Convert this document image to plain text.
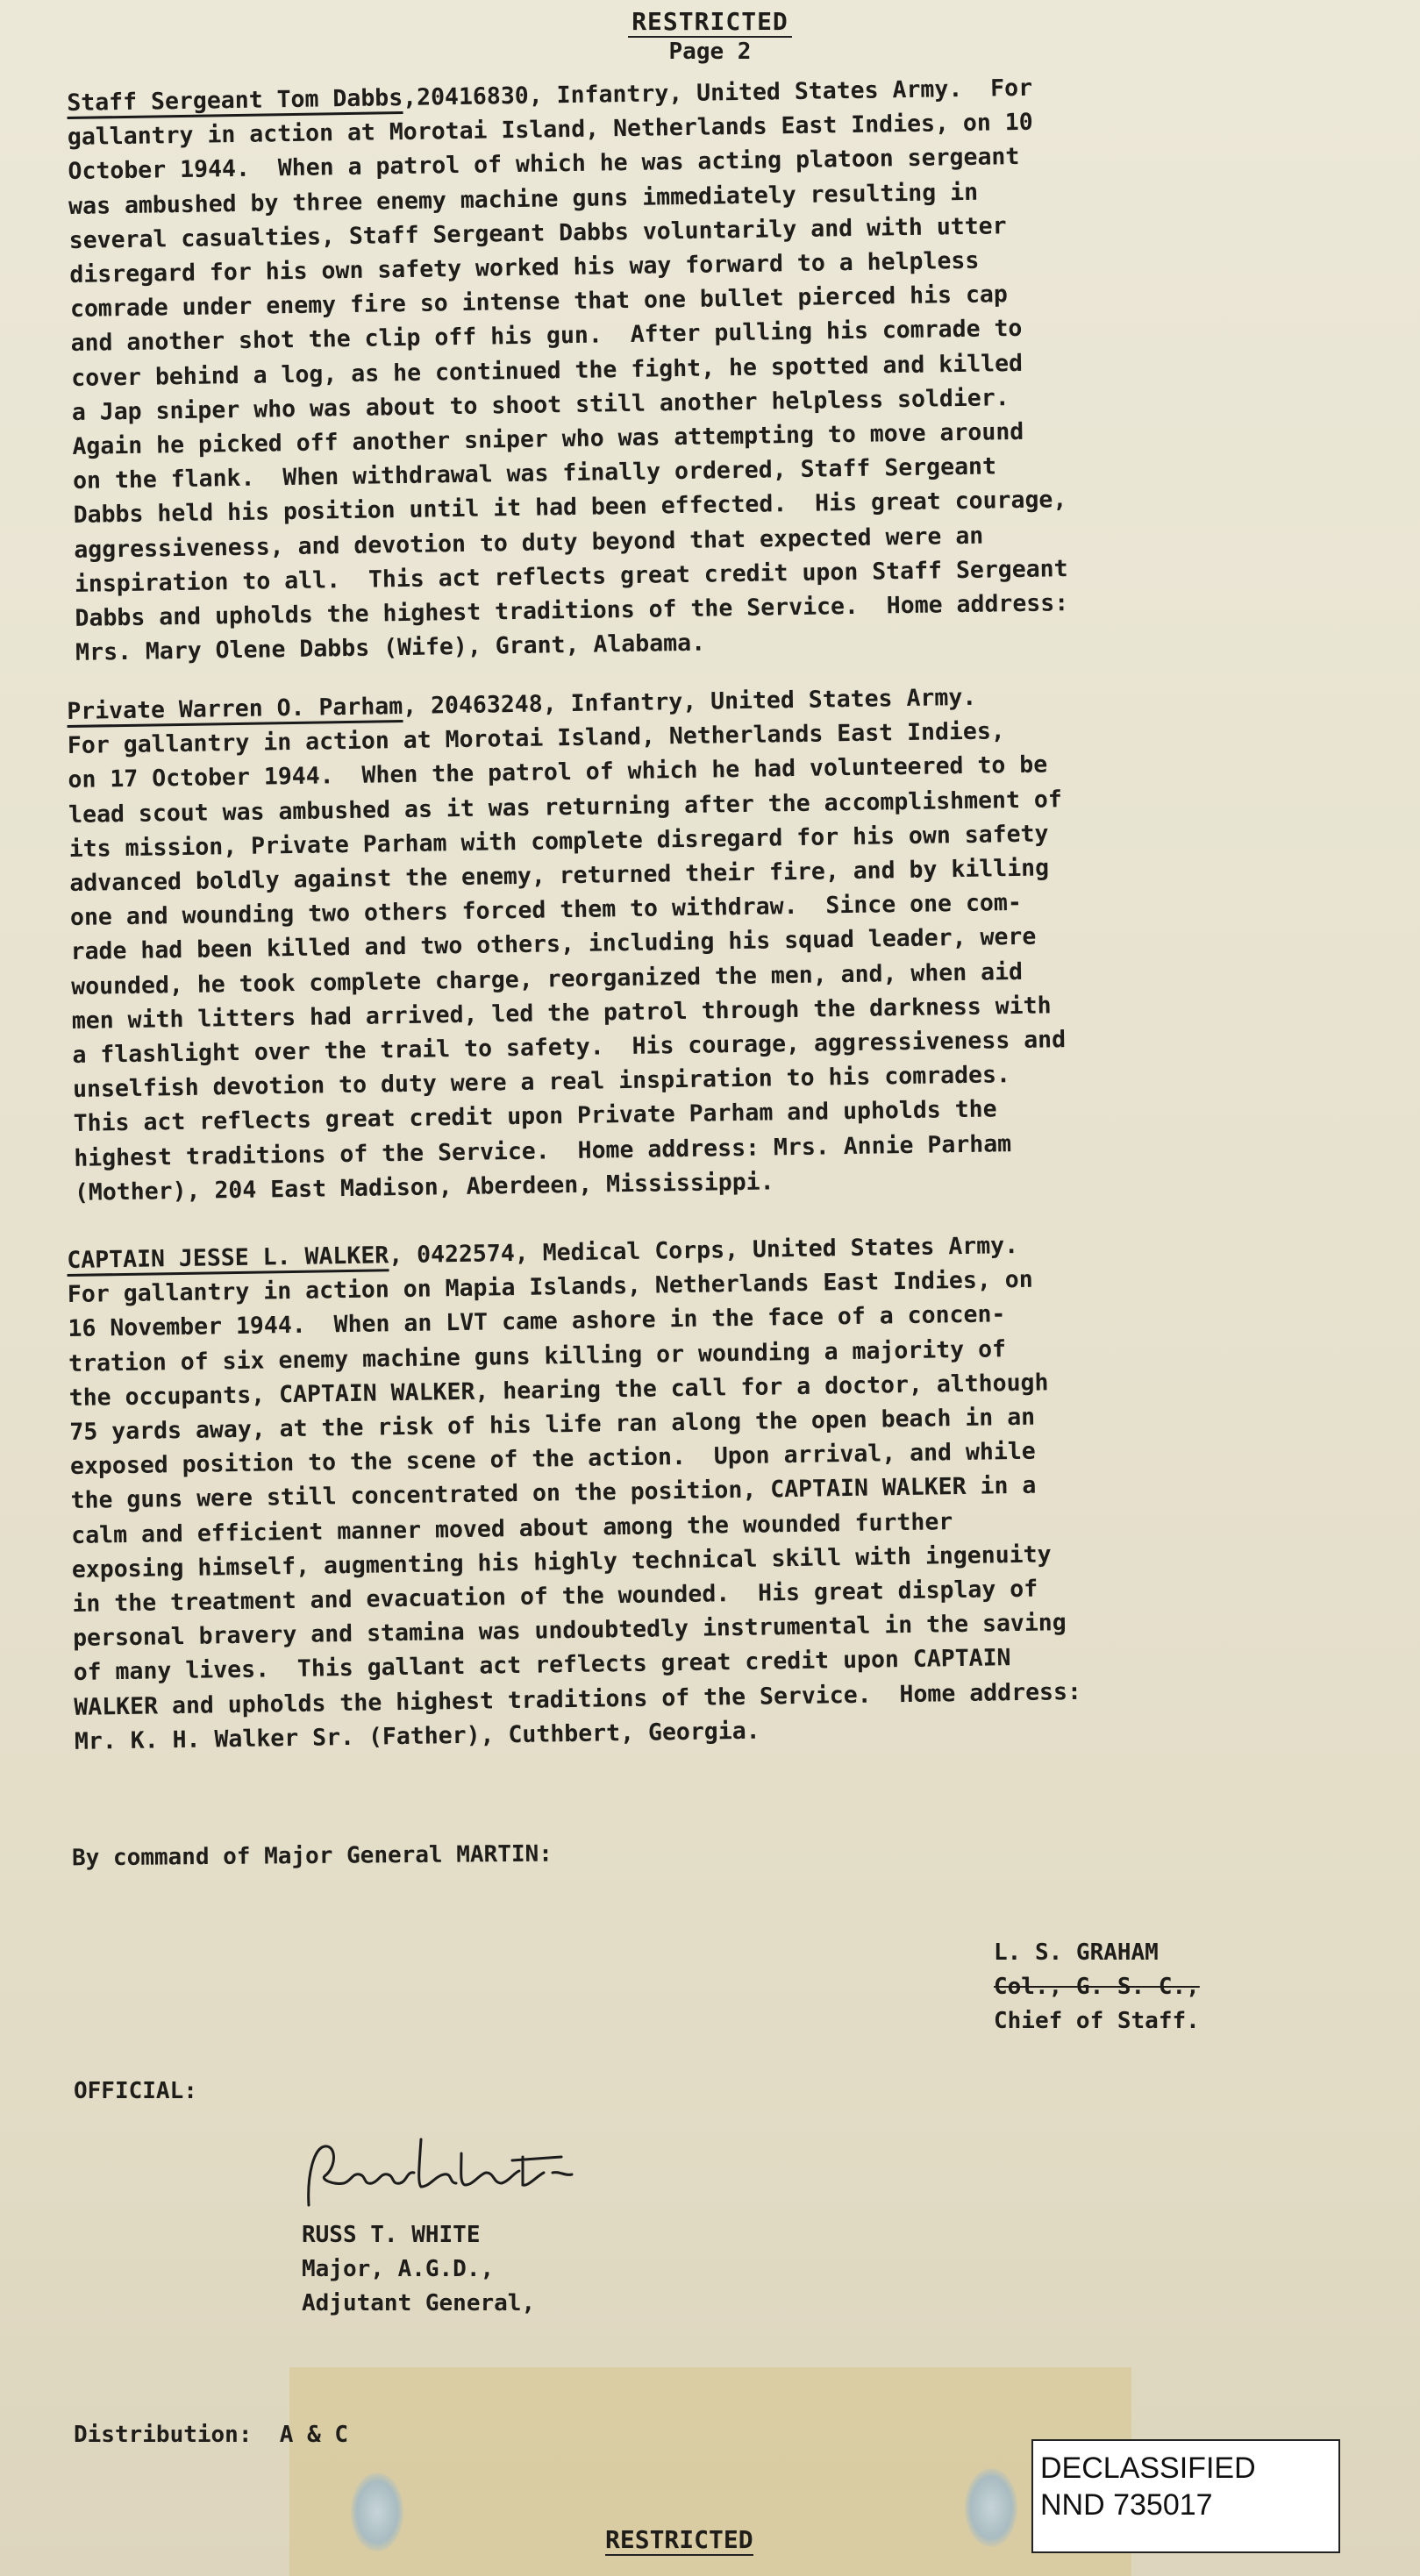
RESTRICTED
Page 2
Staff Sergeant Tom Dabbs,20416830, Infantry, United States Army.  For
gallantry in action at Morotai Island, Netherlands East Indies, on 10
October 1944.  When a patrol of which he was acting platoon sergeant
was ambushed by three enemy machine guns immediately resulting in
several casualties, Staff Sergeant Dabbs voluntarily and with utter
disregard for his own safety worked his way forward to a helpless
comrade under enemy fire so intense that one bullet pierced his cap
and another shot the clip off his gun.  After pulling his comrade to
cover behind a log, as he continued the fight, he spotted and killed
a Jap sniper who was about to shoot still another helpless soldier.
Again he picked off another sniper who was attempting to move around
on the flank.  When withdrawal was finally ordered, Staff Sergeant
Dabbs held his position until it had been effected.  His great courage,
aggressiveness, and devotion to duty beyond that expected were an
inspiration to all.  This act reflects great credit upon Staff Sergeant
Dabbs and upholds the highest traditions of the Service.  Home address:
Mrs. Mary Olene Dabbs (Wife), Grant, Alabama.
Private Warren O. Parham, 20463248, Infantry, United States Army.
For gallantry in action at Morotai Island, Netherlands East Indies,
on 17 October 1944.  When the patrol of which he had volunteered to be
lead scout was ambushed as it was returning after the accomplishment of
its mission, Private Parham with complete disregard for his own safety
advanced boldly against the enemy, returned their fire, and by killing
one and wounding two others forced them to withdraw.  Since one com-
rade had been killed and two others, including his squad leader, were
wounded, he took complete charge, reorganized the men, and, when aid
men with litters had arrived, led the patrol through the darkness with
a flashlight over the trail to safety.  His courage, aggressiveness and
unselfish devotion to duty were a real inspiration to his comrades.
This act reflects great credit upon Private Parham and upholds the
highest traditions of the Service.  Home address: Mrs. Annie Parham
(Mother), 204 East Madison, Aberdeen, Mississippi.
CAPTAIN JESSE L. WALKER, 0422574, Medical Corps, United States Army.
For gallantry in action on Mapia Islands, Netherlands East Indies, on
16 November 1944.  When an LVT came ashore in the face of a concen-
tration of six enemy machine guns killing or wounding a majority of
the occupants, CAPTAIN WALKER, hearing the call for a doctor, although
75 yards away, at the risk of his life ran along the open beach in an
exposed position to the scene of the action.  Upon arrival, and while
the guns were still concentrated on the position, CAPTAIN WALKER in a
calm and efficient manner moved about among the wounded further
exposing himself, augmenting his highly technical skill with ingenuity
in the treatment and evacuation of the wounded.  His great display of
personal bravery and stamina was undoubtedly instrumental in the saving
of many lives.  This gallant act reflects great credit upon CAPTAIN
WALKER and upholds the highest traditions of the Service.  Home address:
Mr. K. H. Walker Sr. (Father), Cuthbert, Georgia.
By command of Major General MARTIN:
L. S. GRAHAM
Col., G. S. C.,
Chief of Staff.
OFFICIAL:
RUSS T. WHITE
Major, A.G.D.,
Adjutant General,
Distribution:  A & C
RESTRICTED
DECLASSIFIED
NND 735017
